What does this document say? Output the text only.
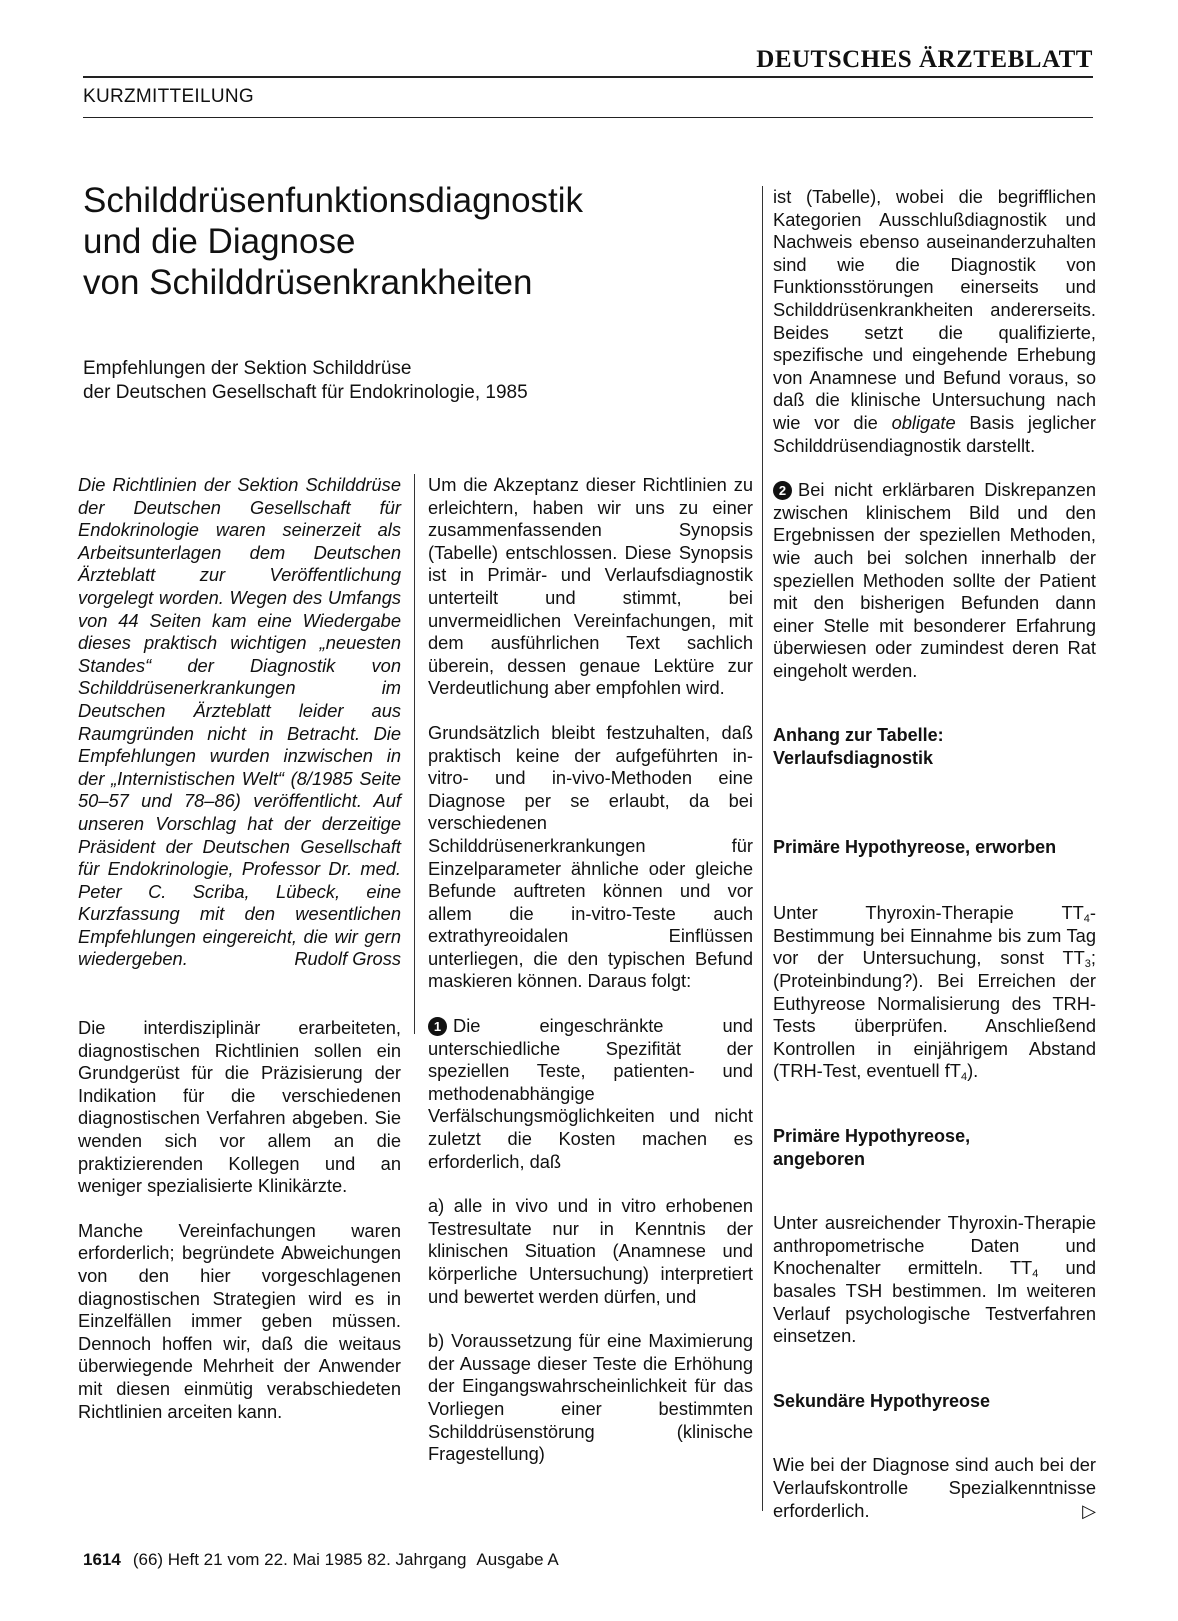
DEUTSCHES ÄRZTEBLATT
KURZMITTEILUNG
Schilddrüsenfunktionsdiagnostik
und die Diagnose
von Schilddrüsenkrankheiten
Empfehlungen der Sektion Schilddrüse
der Deutschen Gesellschaft für Endokrinologie, 1985

Die Richtlinien der Sektion Schilddrüse der Deutschen Gesellschaft für Endokrinologie waren seinerzeit als Arbeitsunterlagen dem Deutschen Ärzteblatt zur Veröffentlichung vorgelegt worden. Wegen des Umfangs von 44 Seiten kam eine Wiedergabe dieses praktisch wichtigen „neuesten Standes“ der Diagnostik von Schilddrüsenerkrankungen im Deutschen Ärzteblatt leider aus Raumgründen nicht in Betracht. Die Empfehlungen wurden inzwischen in der „Internistischen Welt“ (8/1985 Seite 50–57 und 78–86) veröffentlicht. Auf unseren Vorschlag hat der derzeitige Präsident der Deutschen Gesellschaft für Endokrinologie, Professor Dr. med. Peter C. Scriba, Lübeck, eine Kurzfassung mit den wesentlichen Empfehlungen eingereicht, die wir gern wiedergeben.	Rudolf Gross

Die interdisziplinär erarbeiteten, diagnostischen Richtlinien sollen ein Grundgerüst für die Präzisierung der Indikation für die verschiedenen diagnostischen Verfahren abgeben. Sie wenden sich vor allem an die praktizierenden Kollegen und an weniger spezialisierte Klinikärzte.

Manche Vereinfachungen waren erforderlich; begründete Abweichungen von den hier vorgeschlagenen diagnostischen Strategien wird es in Einzelfällen immer geben müssen. Dennoch hoffen wir, daß die weitaus überwiegende Mehrheit der Anwender mit diesen einmütig verabschiedeten Richtlinien arceiten kann.

Um die Akzeptanz dieser Richtlinien zu erleichtern, haben wir uns zu einer zusammenfassenden Synopsis (Tabelle) entschlossen. Diese Synopsis ist in Primär- und Verlaufsdiagnostik unterteilt und stimmt, bei unvermeidlichen Vereinfachungen, mit dem ausführlichen Text sachlich überein, dessen genaue Lektüre zur Verdeutlichung aber empfohlen wird.

Grundsätzlich bleibt festzuhalten, daß praktisch keine der aufgeführten in-vitro- und in-vivo-Methoden eine Diagnose per se erlaubt, da bei verschiedenen Schilddrüsenerkrankungen für Einzelparameter ähnliche oder gleiche Befunde auftreten können und vor allem die in-vitro-Teste auch extrathyreoidalen Einflüssen unterliegen, die den typischen Befund maskieren können. Daraus folgt:

1 Die eingeschränkte und unterschiedliche Spezifität der speziellen Teste, patienten- und methodenabhängige Verfälschungsmöglichkeiten und nicht zuletzt die Kosten machen es erforderlich, daß

a) alle in vivo und in vitro erhobenen Testresultate nur in Kenntnis der klinischen Situation (Anamnese und körperliche Untersuchung) interpretiert und bewertet werden dürfen, und

b) Voraussetzung für eine Maximierung der Aussage dieser Teste die Erhöhung der Eingangswahrscheinlichkeit für das Vorliegen einer bestimmten Schilddrüsenstörung (klinische Fragestellung)

ist (Tabelle), wobei die begrifflichen Kategorien Ausschlußdiagnostik und Nachweis ebenso auseinanderzuhalten sind wie die Diagnostik von Funktionsstörungen einerseits und Schilddrüsenkrankheiten andererseits. Beides setzt die qualifizierte, spezifische und eingehende Erhebung von Anamnese und Befund voraus, so daß die klinische Untersuchung nach wie vor die obligate Basis jeglicher Schilddrüsendiagnostik darstellt.

2 Bei nicht erklärbaren Diskrepanzen zwischen klinischem Bild und den Ergebnissen der speziellen Methoden, wie auch bei solchen innerhalb der speziellen Methoden sollte der Patient mit den bisherigen Befunden dann einer Stelle mit besonderer Erfahrung überwiesen oder zumindest deren Rat eingeholt werden.

Anhang zur Tabelle:
Verlaufsdiagnostik

Primäre Hypothyreose, erworben

Unter Thyroxin-Therapie $TT_4$-Bestimmung bei Einnahme bis zum Tag vor der Untersuchung, sonst $TT_3$; (Proteinbindung?). Bei Erreichen der Euthyreose Normalisierung des TRH-Tests überprüfen. Anschließend Kontrollen in einjährigem Abstand (TRH-Test, eventuell $fT_4$).

Primäre Hypothyreose,
angeboren

Unter ausreichender Thyroxin-Therapie anthropometrische Daten und Knochenalter ermitteln. $TT_4$ und basales TSH bestimmen. Im weiteren Verlauf psychologische Testverfahren einsetzen.

Sekundäre Hypothyreose

Wie bei der Diagnose sind auch bei der Verlaufskontrolle Spezialkenntnisse erforderlich.	▷

1614 (66) Heft 21 vom 22. Mai 1985 82. Jahrgang Ausgabe A
